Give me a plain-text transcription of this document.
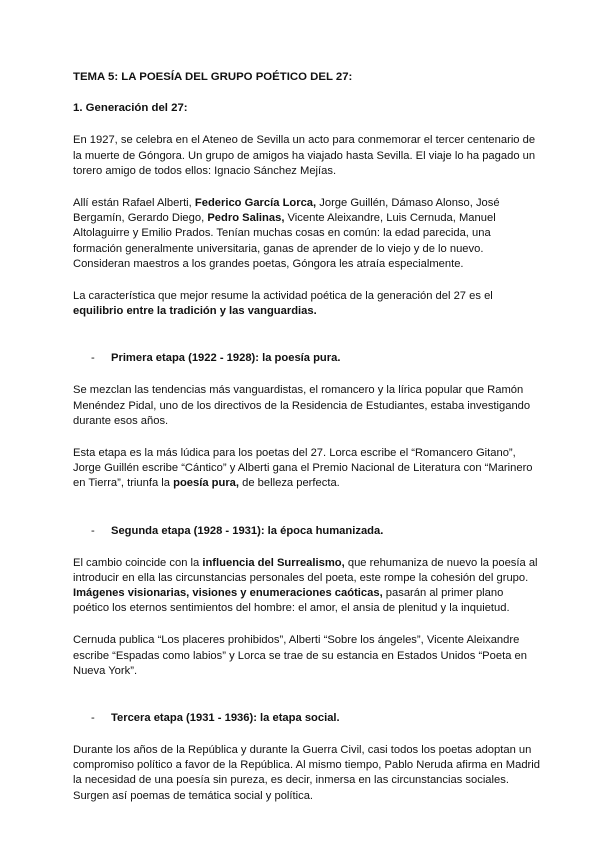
TEMA 5: LA POESÍA DEL GRUPO POÉTICO DEL 27:

1. Generación del 27:

En 1927, se celebra en el Ateneo de Sevilla un acto para conmemorar el tercer centenario de la muerte de Góngora. Un grupo de amigos ha viajado hasta Sevilla. El viaje lo ha pagado un torero amigo de todos ellos: Ignacio Sánchez Mejías.

Allí están Rafael Alberti, Federico García Lorca, Jorge Guillén, Dámaso Alonso, José Bergamín, Gerardo Diego, Pedro Salinas, Vicente Aleixandre, Luis Cernuda, Manuel Altolaguirre y Emilio Prados. Tenían muchas cosas en común: la edad parecida, una formación generalmente universitaria, ganas de aprender de lo viejo y de lo nuevo. Consideran maestros a los grandes poetas, Góngora les atraía especialmente.

La característica que mejor resume la actividad poética de la generación del 27 es el equilibrio entre la tradición y las vanguardias.

-	Primera etapa (1922 - 1928): la poesía pura.

Se mezclan las tendencias más vanguardistas, el romancero y la lírica popular que Ramón Menéndez Pidal, uno de los directivos de la Residencia de Estudiantes, estaba investigando durante esos años.

Esta etapa es la más lúdica para los poetas del 27. Lorca escribe el “Romancero Gitano”, Jorge Guillén escribe “Cántico” y Alberti gana el Premio Nacional de Literatura con “Marinero en Tierra”, triunfa la poesía pura, de belleza perfecta.

-	Segunda etapa (1928 - 1931): la época humanizada.

El cambio coincide con la influencia del Surrealismo, que rehumaniza de nuevo la poesía al introducir en ella las circunstancias personales del poeta, este rompe la cohesión del grupo. Imágenes visionarias, visiones y enumeraciones caóticas, pasarán al primer plano poético los eternos sentimientos del hombre: el amor, el ansia de plenitud y la inquietud.

Cernuda publica “Los placeres prohibidos”, Alberti “Sobre los ángeles”, Vicente Aleixandre escribe “Espadas como labios” y Lorca se trae de su estancia en Estados Unidos “Poeta en Nueva York”.

-	Tercera etapa (1931 - 1936): la etapa social.

Durante los años de la República y durante la Guerra Civil, casi todos los poetas adoptan un compromiso político a favor de la República. Al mismo tiempo, Pablo Neruda afirma en Madrid la necesidad de una poesía sin pureza, es decir, inmersa en las circunstancias sociales. Surgen así poemas de temática social y política.
